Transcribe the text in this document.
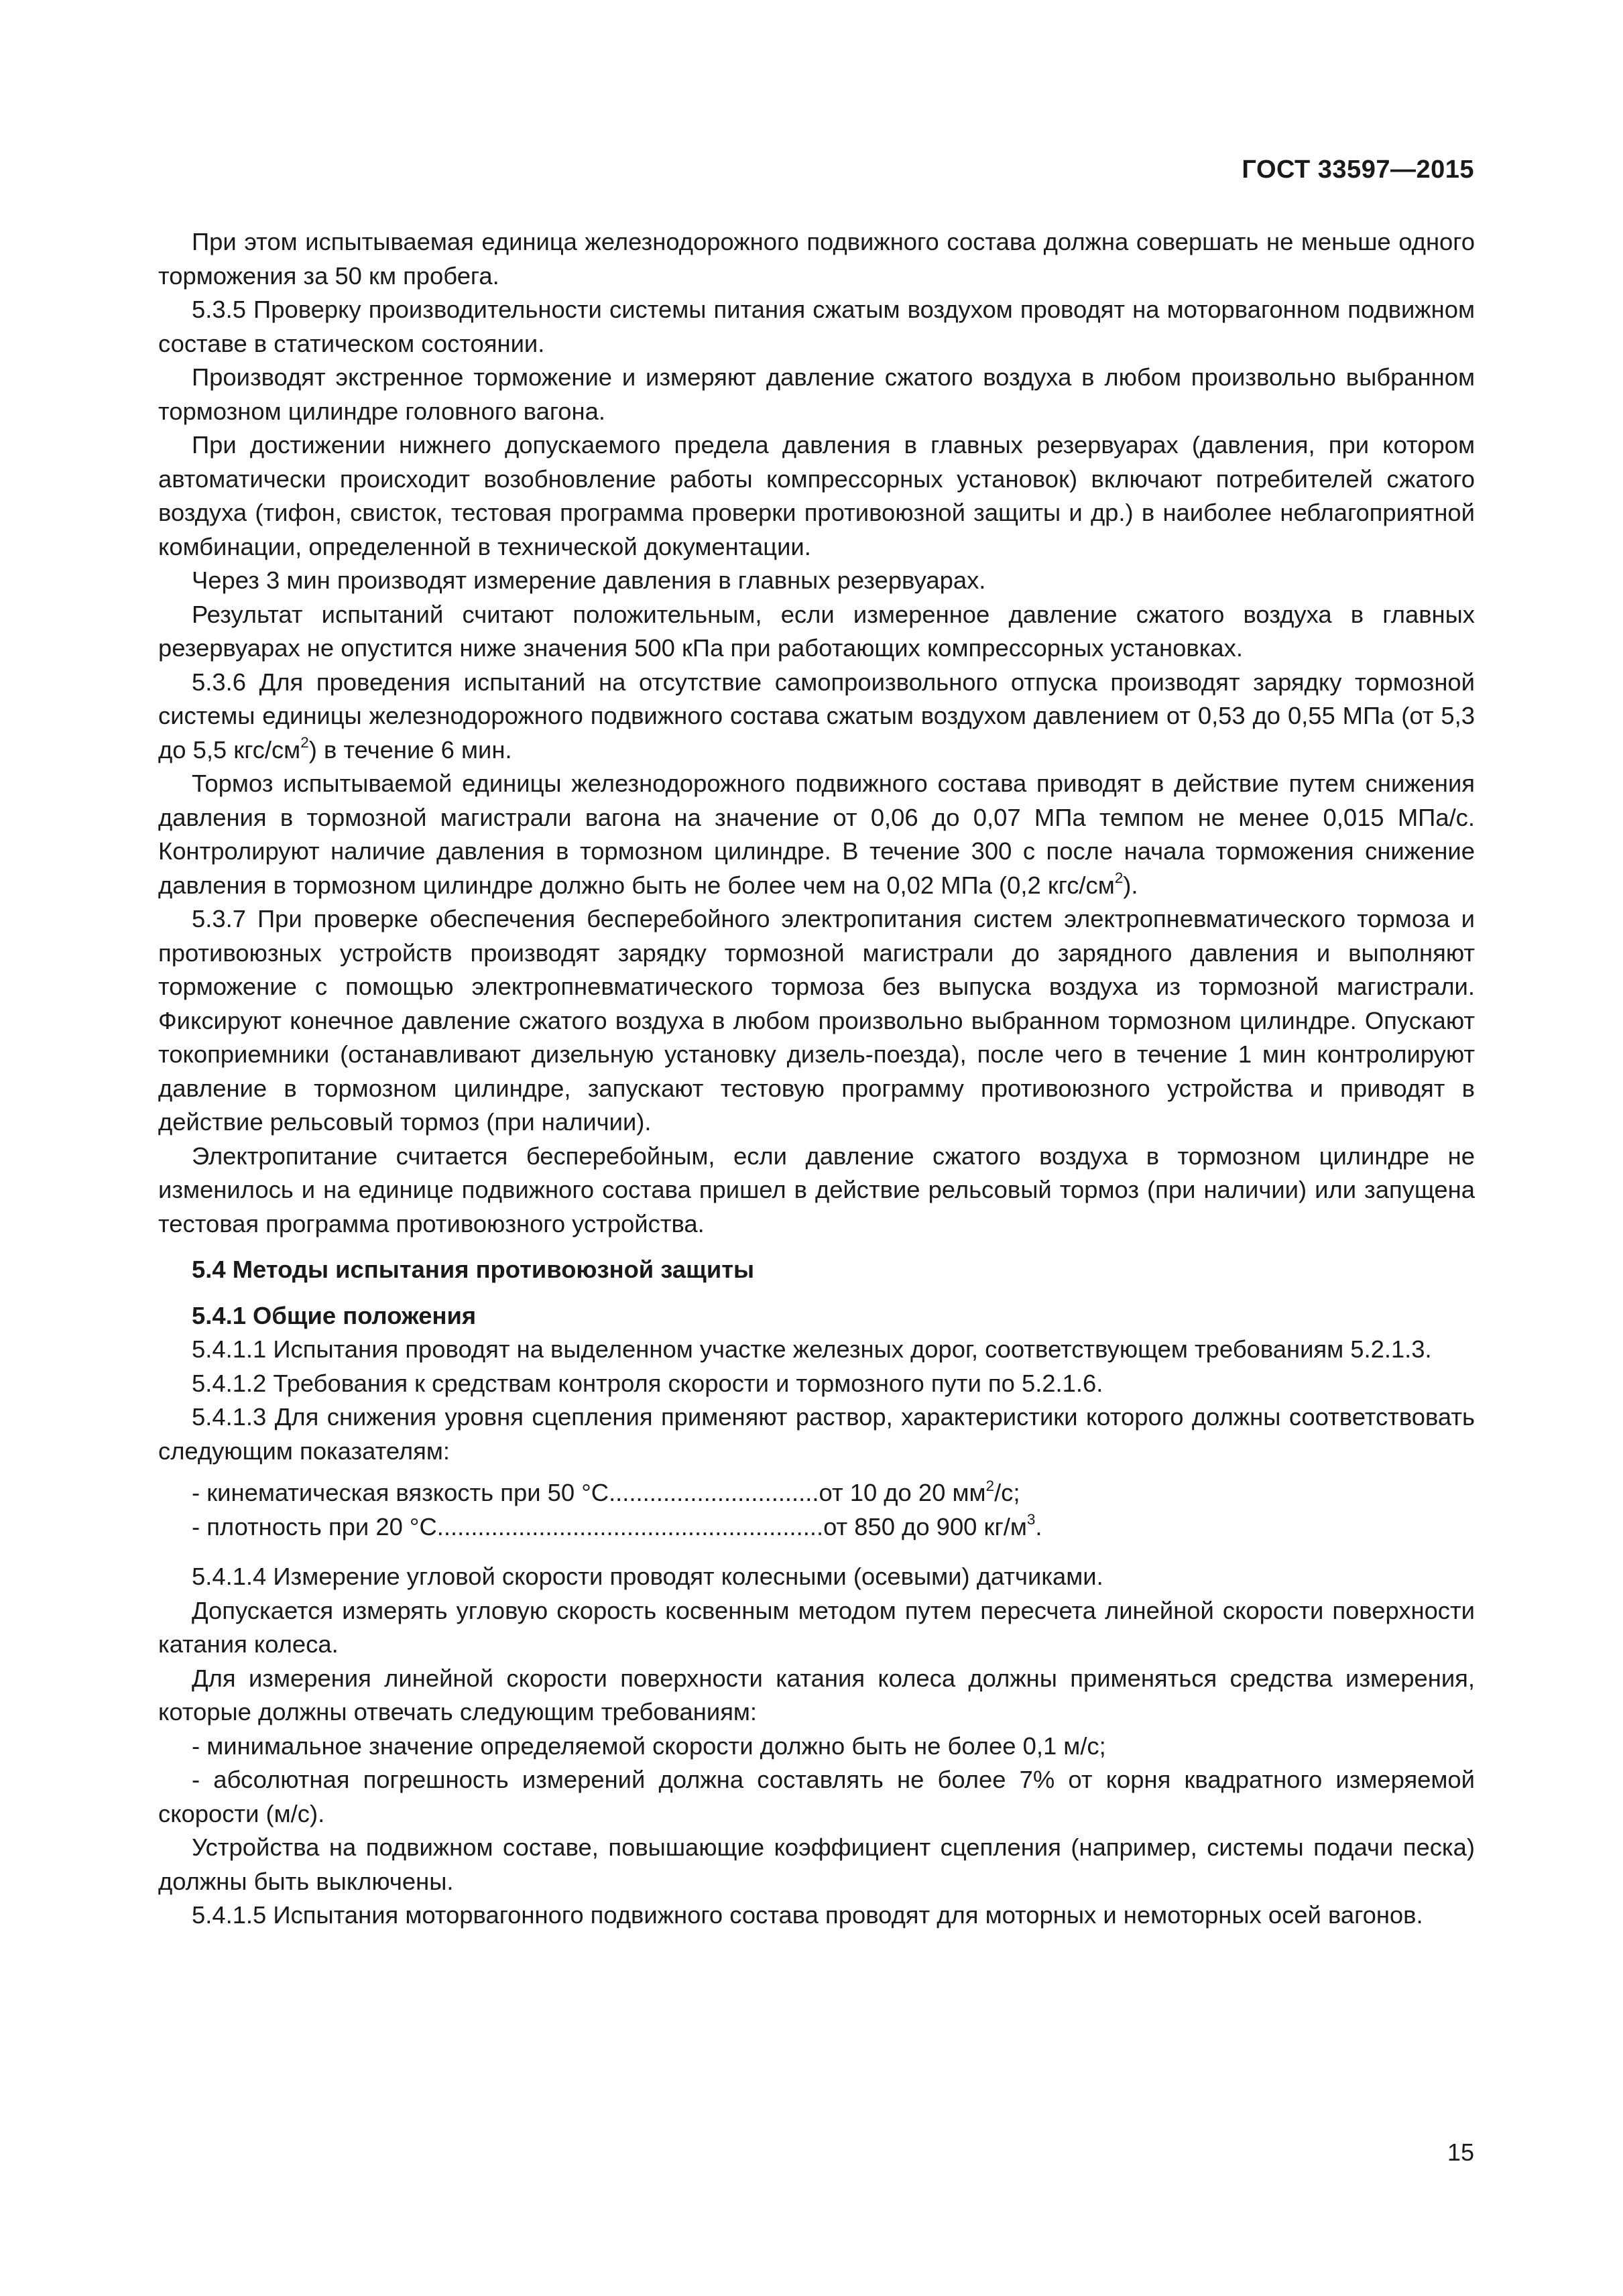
ГОСТ 33597—2015

При этом испытываемая единица железнодорожного подвижного состава должна совершать не меньше одного торможения за 50 км пробега.

5.3.5 Проверку производительности системы питания сжатым воздухом проводят на моторвагонном подвижном составе в статическом состоянии.

Производят экстренное торможение и измеряют давление сжатого воздуха в любом произвольно выбранном тормозном цилиндре головного вагона.

При достижении нижнего допускаемого предела давления в главных резервуарах (давления, при котором автоматически происходит возобновление работы компрессорных установок) включают потребителей сжатого воздуха (тифон, свисток, тестовая программа проверки противоюзной защиты и др.) в наиболее неблагоприятной комбинации, определенной в технической документации.

Через 3 мин производят измерение давления в главных резервуарах.

Результат испытаний считают положительным, если измеренное давление сжатого воздуха в главных резервуарах не опустится ниже значения 500 кПа при работающих компрессорных установках.

5.3.6 Для проведения испытаний на отсутствие самопроизвольного отпуска производят зарядку тормозной системы единицы железнодорожного подвижного состава сжатым воздухом давлением от 0,53 до 0,55 МПа (от 5,3 до 5,5 кгс/$см^2$) в течение 6 мин.

Тормоз испытываемой единицы железнодорожного подвижного состава приводят в действие путем снижения давления в тормозной магистрали вагона на значение от 0,06 до 0,07 МПа темпом не менее 0,015 МПа/с. Контролируют наличие давления в тормозном цилиндре. В течение 300 с после начала торможения снижение давления в тормозном цилиндре должно быть не более чем на 0,02 МПа (0,2 кгс/$см^2$).

5.3.7 При проверке обеспечения бесперебойного электропитания систем электропневматического тормоза и противоюзных устройств производят зарядку тормозной магистрали до зарядного давления и выполняют торможение с помощью электропневматического тормоза без выпуска воздуха из тормозной магистрали. Фиксируют конечное давление сжатого воздуха в любом произвольно выбранном тормозном цилиндре. Опускают токоприемники (останавливают дизельную установку дизель-поезда), после чего в течение 1 мин контролируют давление в тормозном цилиндре, запускают тестовую программу противоюзного устройства и приводят в действие рельсовый тормоз (при наличии).

Электропитание считается бесперебойным, если давление сжатого воздуха в тормозном цилиндре не изменилось и на единице подвижного состава пришел в действие рельсовый тормоз (при наличии) или запущена тестовая программа противоюзного устройства.

5.4 Методы испытания противоюзной защиты

5.4.1 Общие положения

5.4.1.1 Испытания проводят на выделенном участке железных дорог, соответствующем требованиям 5.2.1.3.

5.4.1.2 Требования к средствам контроля скорости и тормозного пути по 5.2.1.6.

5.4.1.3 Для снижения уровня сцепления применяют раствор, характеристики которого должны соответствовать следующим показателям:

- кинематическая вязкость при 50 °С...............................от 10 до 20 $мм^2/с$;

- плотность при 20 °С.........................................................от 850 до 900 $кг/м^3$.

5.4.1.4 Измерение угловой скорости проводят колесными (осевыми) датчиками.

Допускается измерять угловую скорость косвенным методом путем пересчета линейной скорости поверхности катания колеса.

Для измерения линейной скорости поверхности катания колеса должны применяться средства измерения, которые должны отвечать следующим требованиям:

- минимальное значение определяемой скорости должно быть не более 0,1 м/с;

- абсолютная погрешность измерений должна составлять не более 7% от корня квадратного измеряемой скорости (м/с).

Устройства на подвижном составе, повышающие коэффициент сцепления (например, системы подачи песка) должны быть выключены.

5.4.1.5 Испытания моторвагонного подвижного состава проводят для моторных и немоторных осей вагонов.

15
